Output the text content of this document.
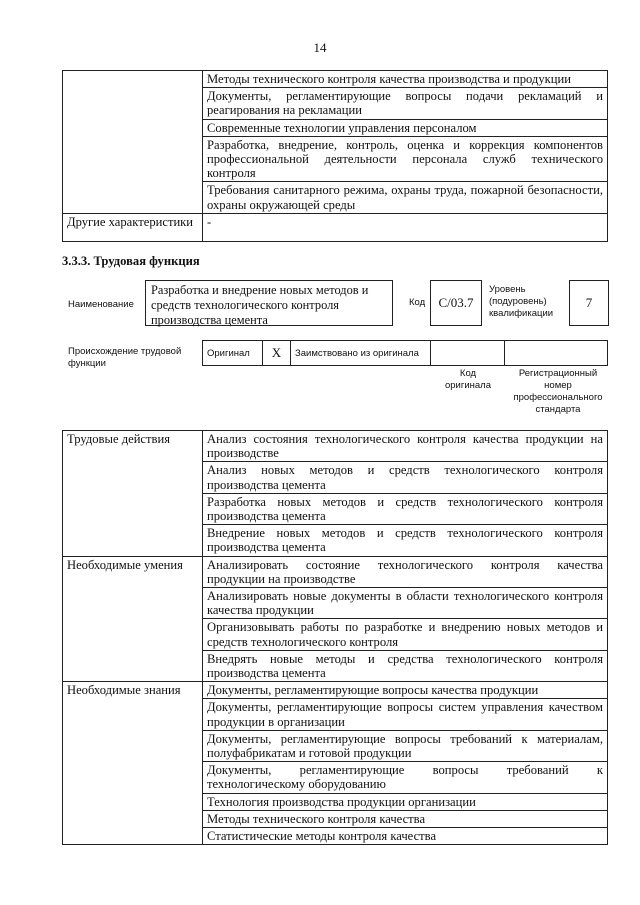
14
	Методы технического контроля качества производства и продукции
	Документы, регламентирующие вопросы подачи рекламаций и реагирования на рекламации
	Современные технологии управления персоналом
	Разработка, внедрение, контроль, оценка и коррекция компонентов профессиональной деятельности персонала служб технического контроля
	Требования санитарного режима, охраны труда, пожарной безопасности, охраны окружающей среды
Другие характеристики	-
3.3.3. Трудовая функция
Наименование
Разработка и внедрение новых методов и средств технологического контроля производства цемента
Код	C/03.7
Уровень (подуровень) квалификации
7
Происхождение трудовой функции
Оригинал	X	Заимствовано из оригинала
Код оригинала
Регистрационный номер профессионального стандарта
Трудовые действия	Анализ состояния технологического контроля качества продукции на производстве
	Анализ новых методов и средств технологического контроля производства цемента
	Разработка новых методов и средств технологического контроля производства цемента
	Внедрение новых методов и средств технологического контроля производства цемента
Необходимые умения	Анализировать состояние технологического контроля качества продукции на производстве
	Анализировать новые документы в области технологического контроля качества продукции
	Организовывать работы по разработке и внедрению новых методов и средств технологического контроля
	Внедрять новые методы и средства технологического контроля производства цемента
Необходимые знания	Документы, регламентирующие вопросы качества продукции
	Документы, регламентирующие вопросы систем управления качеством продукции в организации
	Документы, регламентирующие вопросы требований к материалам, полуфабрикатам и готовой продукции
	Документы, регламентирующие вопросы требований к технологическому оборудованию
	Технология производства продукции организации
	Методы технического контроля качества
	Статистические методы контроля качества
